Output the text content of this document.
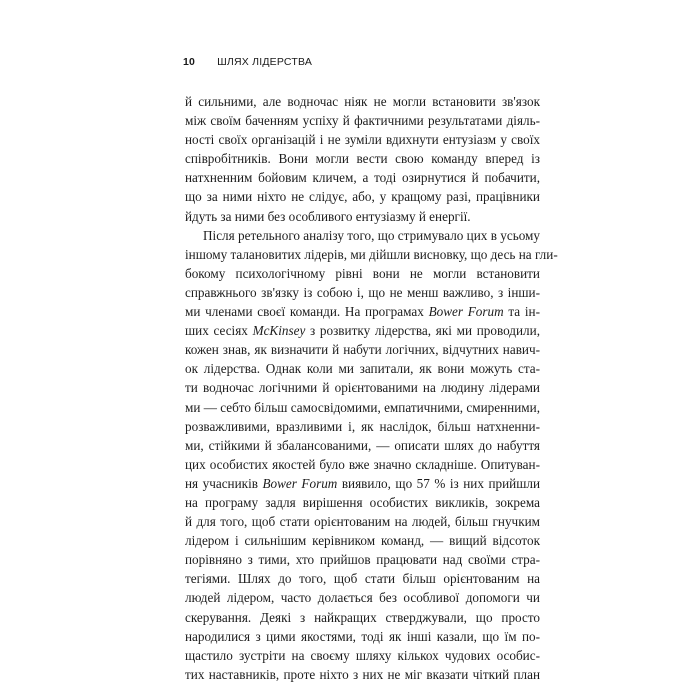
10 ШЛЯХ ЛІДЕРСТВА
й сильними, але водночас ніяк не могли встановити зв'язок
між своїм баченням успіху й фактичними результатами діяль-
ності своїх організацій і не зуміли вдихнути ентузіазм у своїх
співробітників. Вони могли вести свою команду вперед із
натхненним бойовим кличем, а тоді озирнутися й побачити,
що за ними ніхто не слідує, або, у кращому разі, працівники
йдуть за ними без особливого ентузіазму й енергії.
Після ретельного аналізу того, що стримувало цих в усьому
іншому талановитих лідерів, ми дійшли висновку, що десь на гли-
бокому психологічному рівні вони не могли встановити
справжнього зв'язку із собою і, що не менш важливо, з інши-
ми членами своєї команди. На програмах Bower Forum та ін-
ших сесіях McKinsey з розвитку лідерства, які ми проводили,
кожен знав, як визначити й набути логічних, відчутних навич-
ок лідерства. Однак коли ми запитали, як вони можуть ста-
ти водночас логічними й орієнтованими на людину лідерами
ми — себто більш самосвідомими, емпатичними, смиренними,
розважливими, вразливими і, як наслідок, більш натхненни-
ми, стійкими й збалансованими, — описати шлях до набуття
цих особистих якостей було вже значно складніше. Опитуван-
ня учасників Bower Forum виявило, що 57 % із них прийшли
на програму задля вирішення особистих викликів, зокрема
й для того, щоб стати орієнтованим на людей, більш гнучким
лідером і сильнішим керівником команд, — вищий відсоток
порівняно з тими, хто прийшов працювати над своїми стра-
тегіями. Шлях до того, щоб стати більш орієнтованим на
людей лідером, часто долається без особливої допомоги чи
скерування. Деякі з найкращих стверджували, що просто
народилися з цими якостями, тоді як інші казали, що їм по-
щастило зустріти на своєму шляху кількох чудових особис-
тих наставників, проте ніхто з них не міг вказати чіткий план
